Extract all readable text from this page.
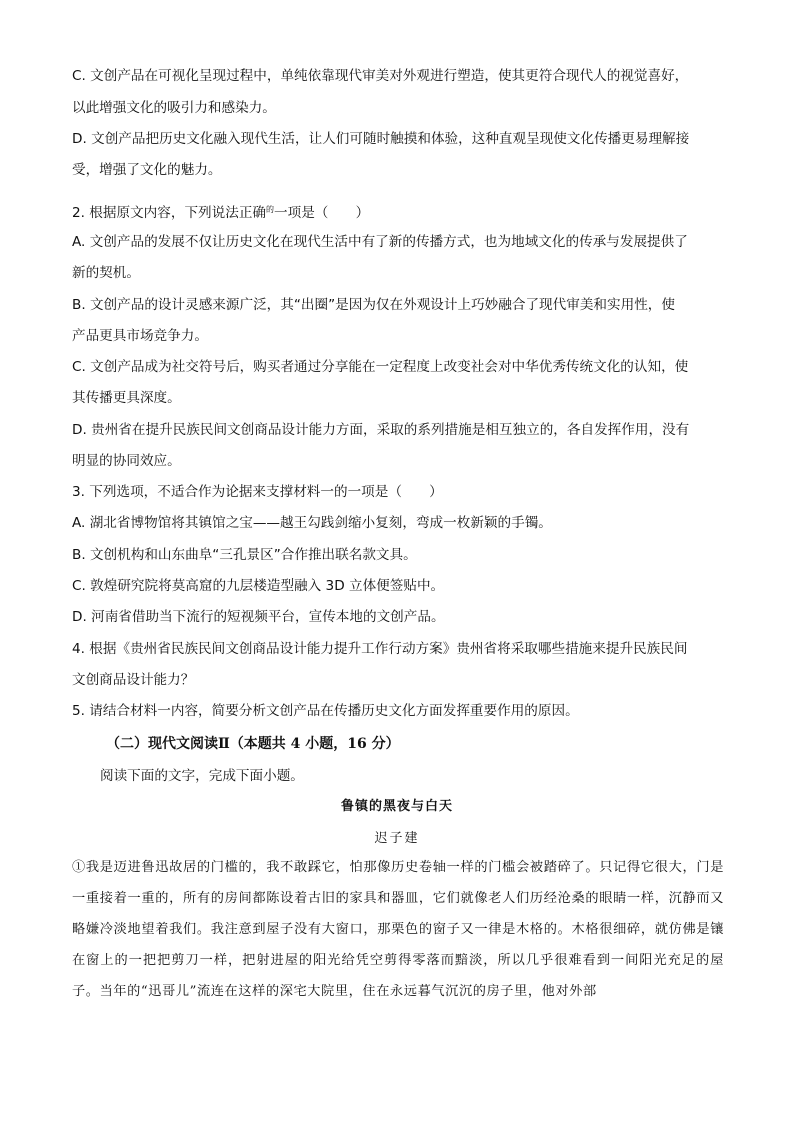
C. 文创产品在可视化呈现过程中，单纯依靠现代审美对外观进行塑造，使其更符合现代人的视觉喜好，

以此增强文化的吸引力和感染力。

D. 文创产品把历史文化融入现代生活，让人们可随时触摸和体验，这种直观呈现使文化传播更易理解接

受，增强了文化的魅力。

2. 根据原文内容，下列说法正确$^的$一项是（　　）

A. 文创产品的发展不仅让历史文化在现代生活中有了新的传播方式，也为地域文化的传承与发展提供了

新的契机。

B. 文创产品的设计灵感来源广泛，其“出圈”是因为仅在外观设计上巧妙融合了现代审美和实用性，使

产品更具市场竞争力。

C. 文创产品成为社交符号后，购买者通过分享能在一定程度上改变社会对中华优秀传统文化的认知，使

其传播更具深度。

D. 贵州省在提升民族民间文创商品设计能力方面，采取的系列措施是相互独立的，各自发挥作用，没有

明显的协同效应。

3. 下列选项，不适合作为论据来支撑材料一的一项是（　　）

A. 湖北省博物馆将其镇馆之宝——越王勾践剑缩小复刻，弯成一枚新颖的手镯。

B. 文创机构和山东曲阜“三孔景区”合作推出联名款文具。

C. 敦煌研究院将莫高窟的九层楼造型融入 3D 立体便签贴中。

D. 河南省借助当下流行的短视频平台，宣传本地的文创产品。

4. 根据《贵州省民族民间文创商品设计能力提升工作行动方案》贵州省将采取哪些措施来提升民族民间

文创商品设计能力？

5. 请结合材料一内容，简要分析文创产品在传播历史文化方面发挥重要作用的原因。

（二）现代文阅读Ⅱ（本题共 4 小题，16 分）
阅读下面的文字，完成下面小题。
鲁镇的黑夜与白天
迟子建

①我是迈进鲁迅故居的门槛的，我不敢踩它，怕那像历史卷轴一样的门槛会被踏碎了。只记得它很大，门是一重接着一重的，所有的房间都陈设着古旧的家具和器皿，它们就像老人们历经沧桑的眼睛一样，沉静而又略嫌冷淡地望着我们。我注意到屋子没有大窗口，那栗色的窗子又一律是木格的。木格很细碎，就仿佛是镶在窗上的一把把剪刀一样，把射进屋的阳光给凭空剪得零落而黯淡，所以几乎很难看到一间阳光充足的屋子。当年的“迅哥儿”流连在这样的深宅大院里，住在永远暮气沉沉的房子里，他对外部
